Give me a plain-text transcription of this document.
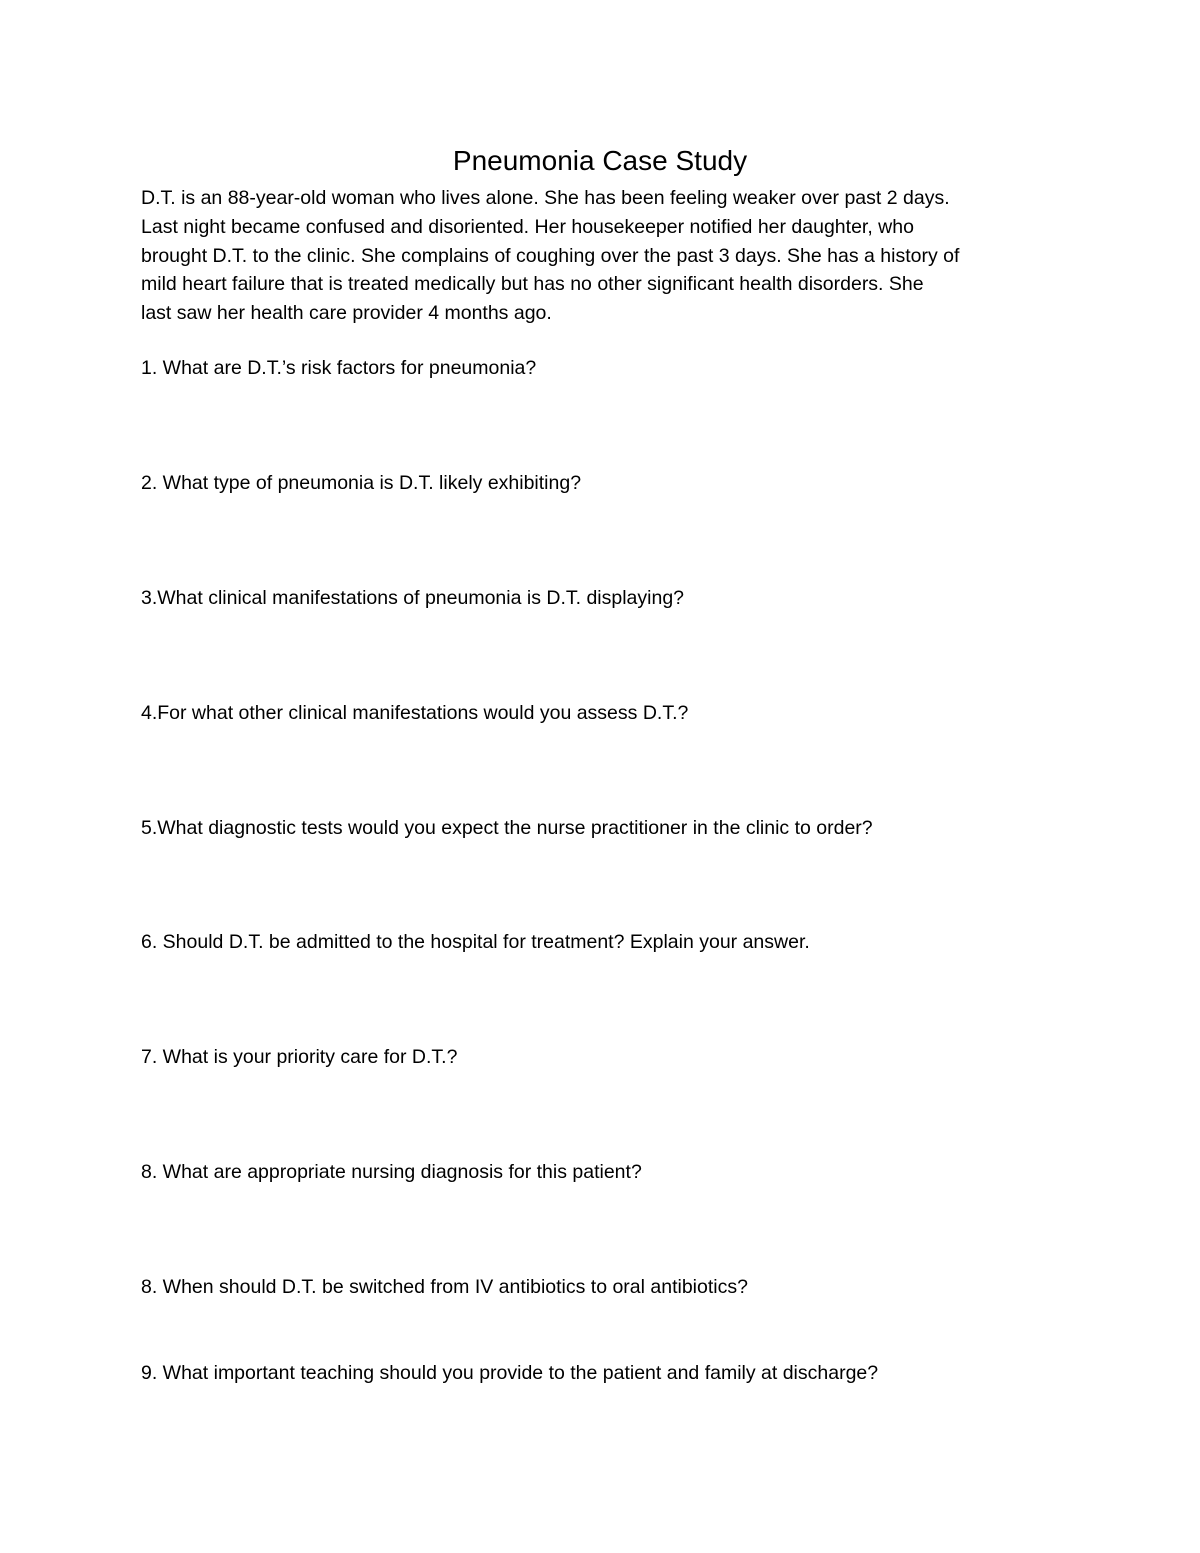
Pneumonia Case Study

D.T. is an 88-year-old woman who lives alone. She has been feeling weaker over past 2 days.
Last night became confused and disoriented. Her housekeeper notified her daughter, who
brought D.T. to the clinic. She complains of coughing over the past 3 days. She has a history of
mild heart failure that is treated medically but has no other significant health disorders. She
last saw her health care provider 4 months ago.

1. What are D.T.’s risk factors for pneumonia?

2. What type of pneumonia is D.T. likely exhibiting?

3.What clinical manifestations of pneumonia is D.T. displaying?

4.For what other clinical manifestations would you assess D.T.?

5.What diagnostic tests would you expect the nurse practitioner in the clinic to order?

6. Should D.T. be admitted to the hospital for treatment? Explain your answer.

7. What is your priority care for D.T.?

8. What are appropriate nursing diagnosis for this patient?

8. When should D.T. be switched from IV antibiotics to oral antibiotics?

9. What important teaching should you provide to the patient and family at discharge?
